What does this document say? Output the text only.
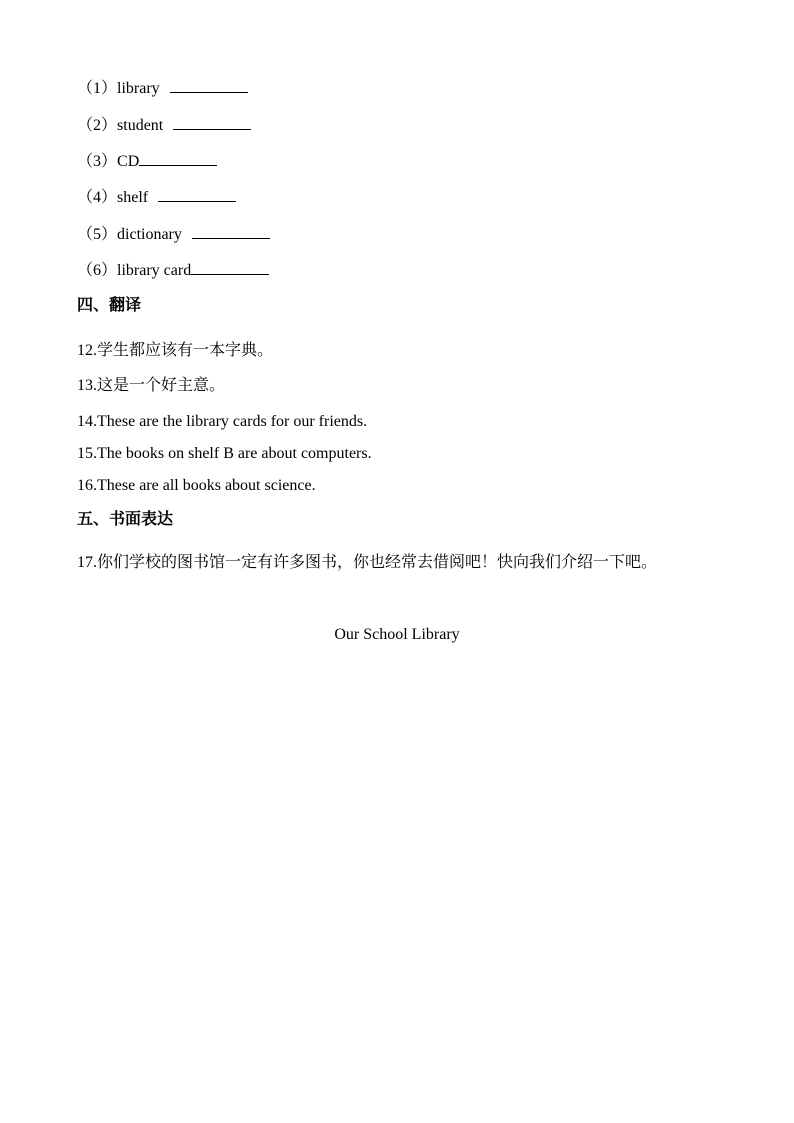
（1）library
（2）student
（3）CD
（4）shelf
（5）dictionary
（6）library card
四、翻译
12.学生都应该有一本字典。
13.这是一个好主意。
14.These are the library cards for our friends.
15.The books on shelf B are about computers.
16.These are all books about science.
五、书面表达
17.你们学校的图书馆一定有许多图书，你也经常去借阅吧！快向我们介绍一下吧。
Our School Library
